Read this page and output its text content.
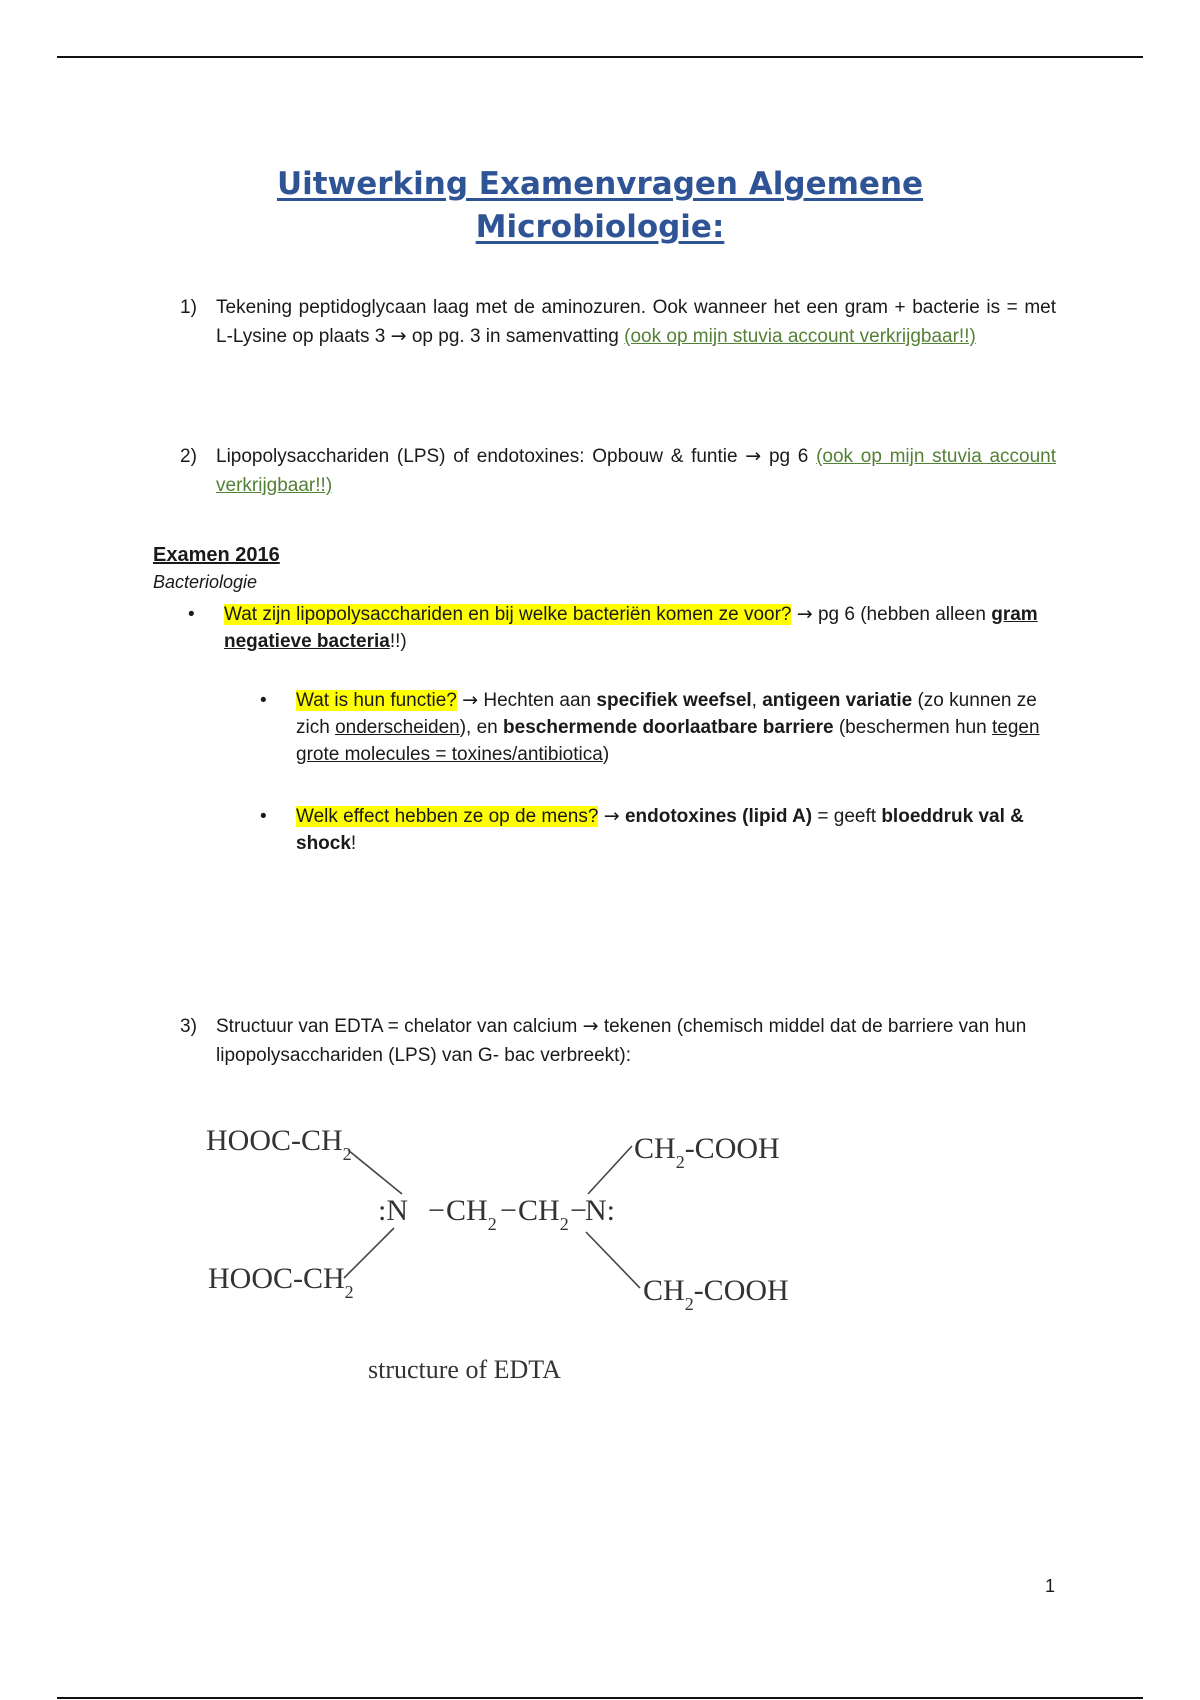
Uitwerking Examenvragen Algemene
Microbiologie:
1) Tekening peptidoglycaan laag met de aminozuren. Ook wanneer het een gram + bacterie is = met L-Lysine op plaats 3 → op pg. 3 in samenvatting (ook op mijn stuvia account verkrijgbaar!!)
2) Lipopolysacchariden (LPS) of endotoxines: Opbouw & funtie → pg 6 (ook op mijn stuvia account verkrijgbaar!!)
Examen 2016
Bacteriologie
• Wat zijn lipopolysacchariden en bij welke bacteriën komen ze voor? → pg 6 (hebben alleen gram negatieve bacteria!!)
• Wat is hun functie? → Hechten aan specifiek weefsel, antigeen variatie (zo kunnen ze zich onderscheiden), en beschermende doorlaatbare barriere (beschermen hun tegen grote molecules = toxines/antibiotica)
• Welk effect hebben ze op de mens? → endotoxines (lipid A) = geeft bloeddruk val & shock!
3) Structuur van EDTA = chelator van calcium → tekenen (chemisch middel dat de barriere van hun lipopolysacchariden (LPS) van G- bac verbreekt):
HOOC-$CH_2$
HOOC-$CH_2$
:N − $CH_2 - CH_2$ −
N:
$CH_2$-COOH
$CH_2$-COOH
structure of EDTA
1
